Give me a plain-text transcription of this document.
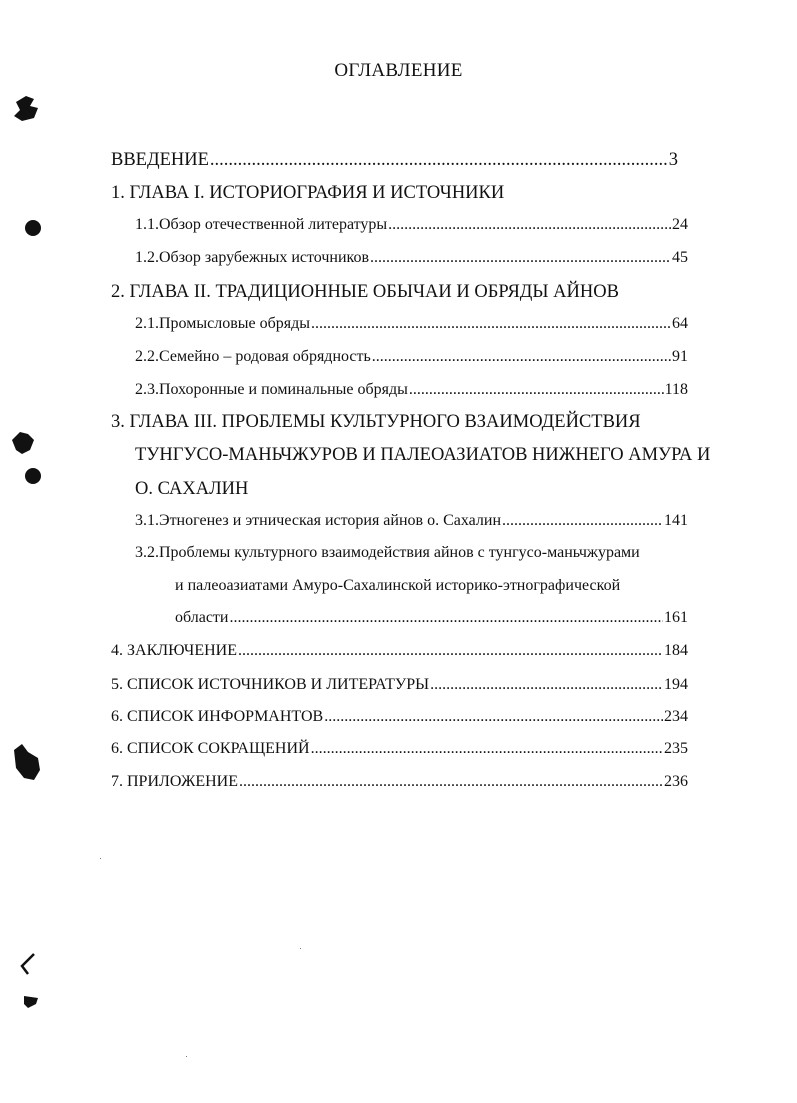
ОГЛАВЛЕНИЕ
ВВЕДЕНИЕ .....	3
1. ГЛАВА I. ИСТОРИОГРАФИЯ И ИСТОЧНИКИ
1.1.Обзор отечественной литературы .....	24
1.2.Обзор зарубежных источников .....	45
2. ГЛАВА II. ТРАДИЦИОННЫЕ ОБЫЧАИ И ОБРЯДЫ АЙНОВ
2.1.Промысловые обряды .....	64
2.2.Семейно – родовая обрядность .....	91
2.3.Похоронные и поминальные обряды .....	118
3. ГЛАВА III. ПРОБЛЕМЫ КУЛЬТУРНОГО ВЗАИМОДЕЙСТВИЯ
ТУНГУСО-МАНЬЧЖУРОВ И ПАЛЕОАЗИАТОВ НИЖНЕГО АМУРА И
О. САХАЛИН
3.1.Этногенез и этническая история айнов о. Сахалин .....	141
3.2.Проблемы культурного взаимодействия айнов с тунгусо-маньчжурами
и палеоазиатами Амуро-Сахалинской историко-этнографической
области .....	161
4. ЗАКЛЮЧЕНИЕ .....	184
5. СПИСОК ИСТОЧНИКОВ И ЛИТЕРАТУРЫ .....	194
6. СПИСОК ИНФОРМАНТОВ .....	234
6. СПИСОК СОКРАЩЕНИЙ .....	235
7. ПРИЛОЖЕНИЕ .....	236
